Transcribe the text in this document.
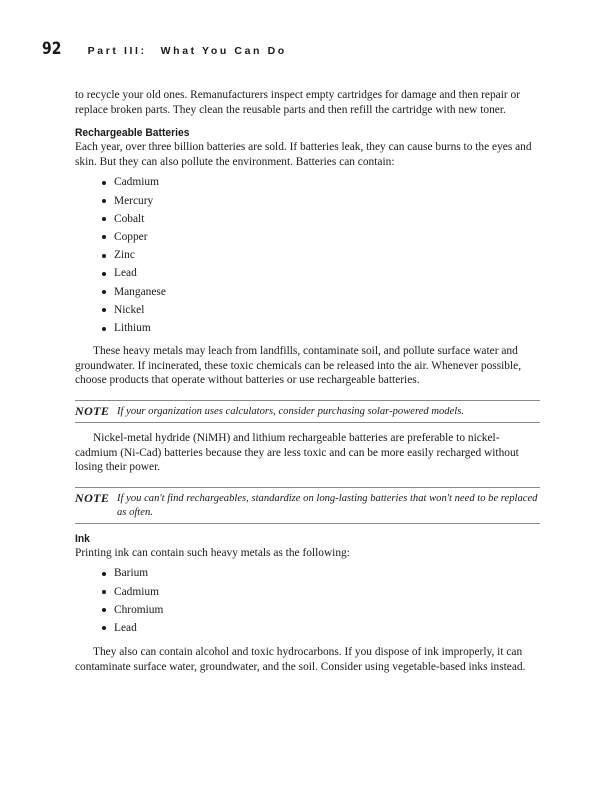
92	Part III: What You Can Do

to recycle your old ones. Remanufacturers inspect empty cartridges for damage and then repair or replace broken parts. They clean the reusable parts and then refill the cartridge with new toner.

Rechargeable Batteries

Each year, over three billion batteries are sold. If batteries leak, they can cause burns to the eyes and skin. But they can also pollute the environment. Batteries can contain:

Cadmium
Mercury
Cobalt
Copper
Zinc
Lead
Manganese
Nickel
Lithium

These heavy metals may leach from landfills, contaminate soil, and pollute surface water and groundwater. If incinerated, these toxic chemicals can be released into the air. Whenever possible, choose products that operate without batteries or use rechargeable batteries.

NOTE If your organization uses calculators, consider purchasing solar-powered models.

Nickel-metal hydride (NiMH) and lithium rechargeable batteries are preferable to nickel-cadmium (Ni-Cad) batteries because they are less toxic and can be more easily recharged without losing their power.

NOTE If you can't find rechargeables, standardize on long-lasting batteries that won't need to be replaced as often.
Ink

Printing ink can contain such heavy metals as the following:

Barium
Cadmium
Chromium
Lead

They also can contain alcohol and toxic hydrocarbons. If you dispose of ink improperly, it can contaminate surface water, groundwater, and the soil. Consider using vegetable-based inks instead.
